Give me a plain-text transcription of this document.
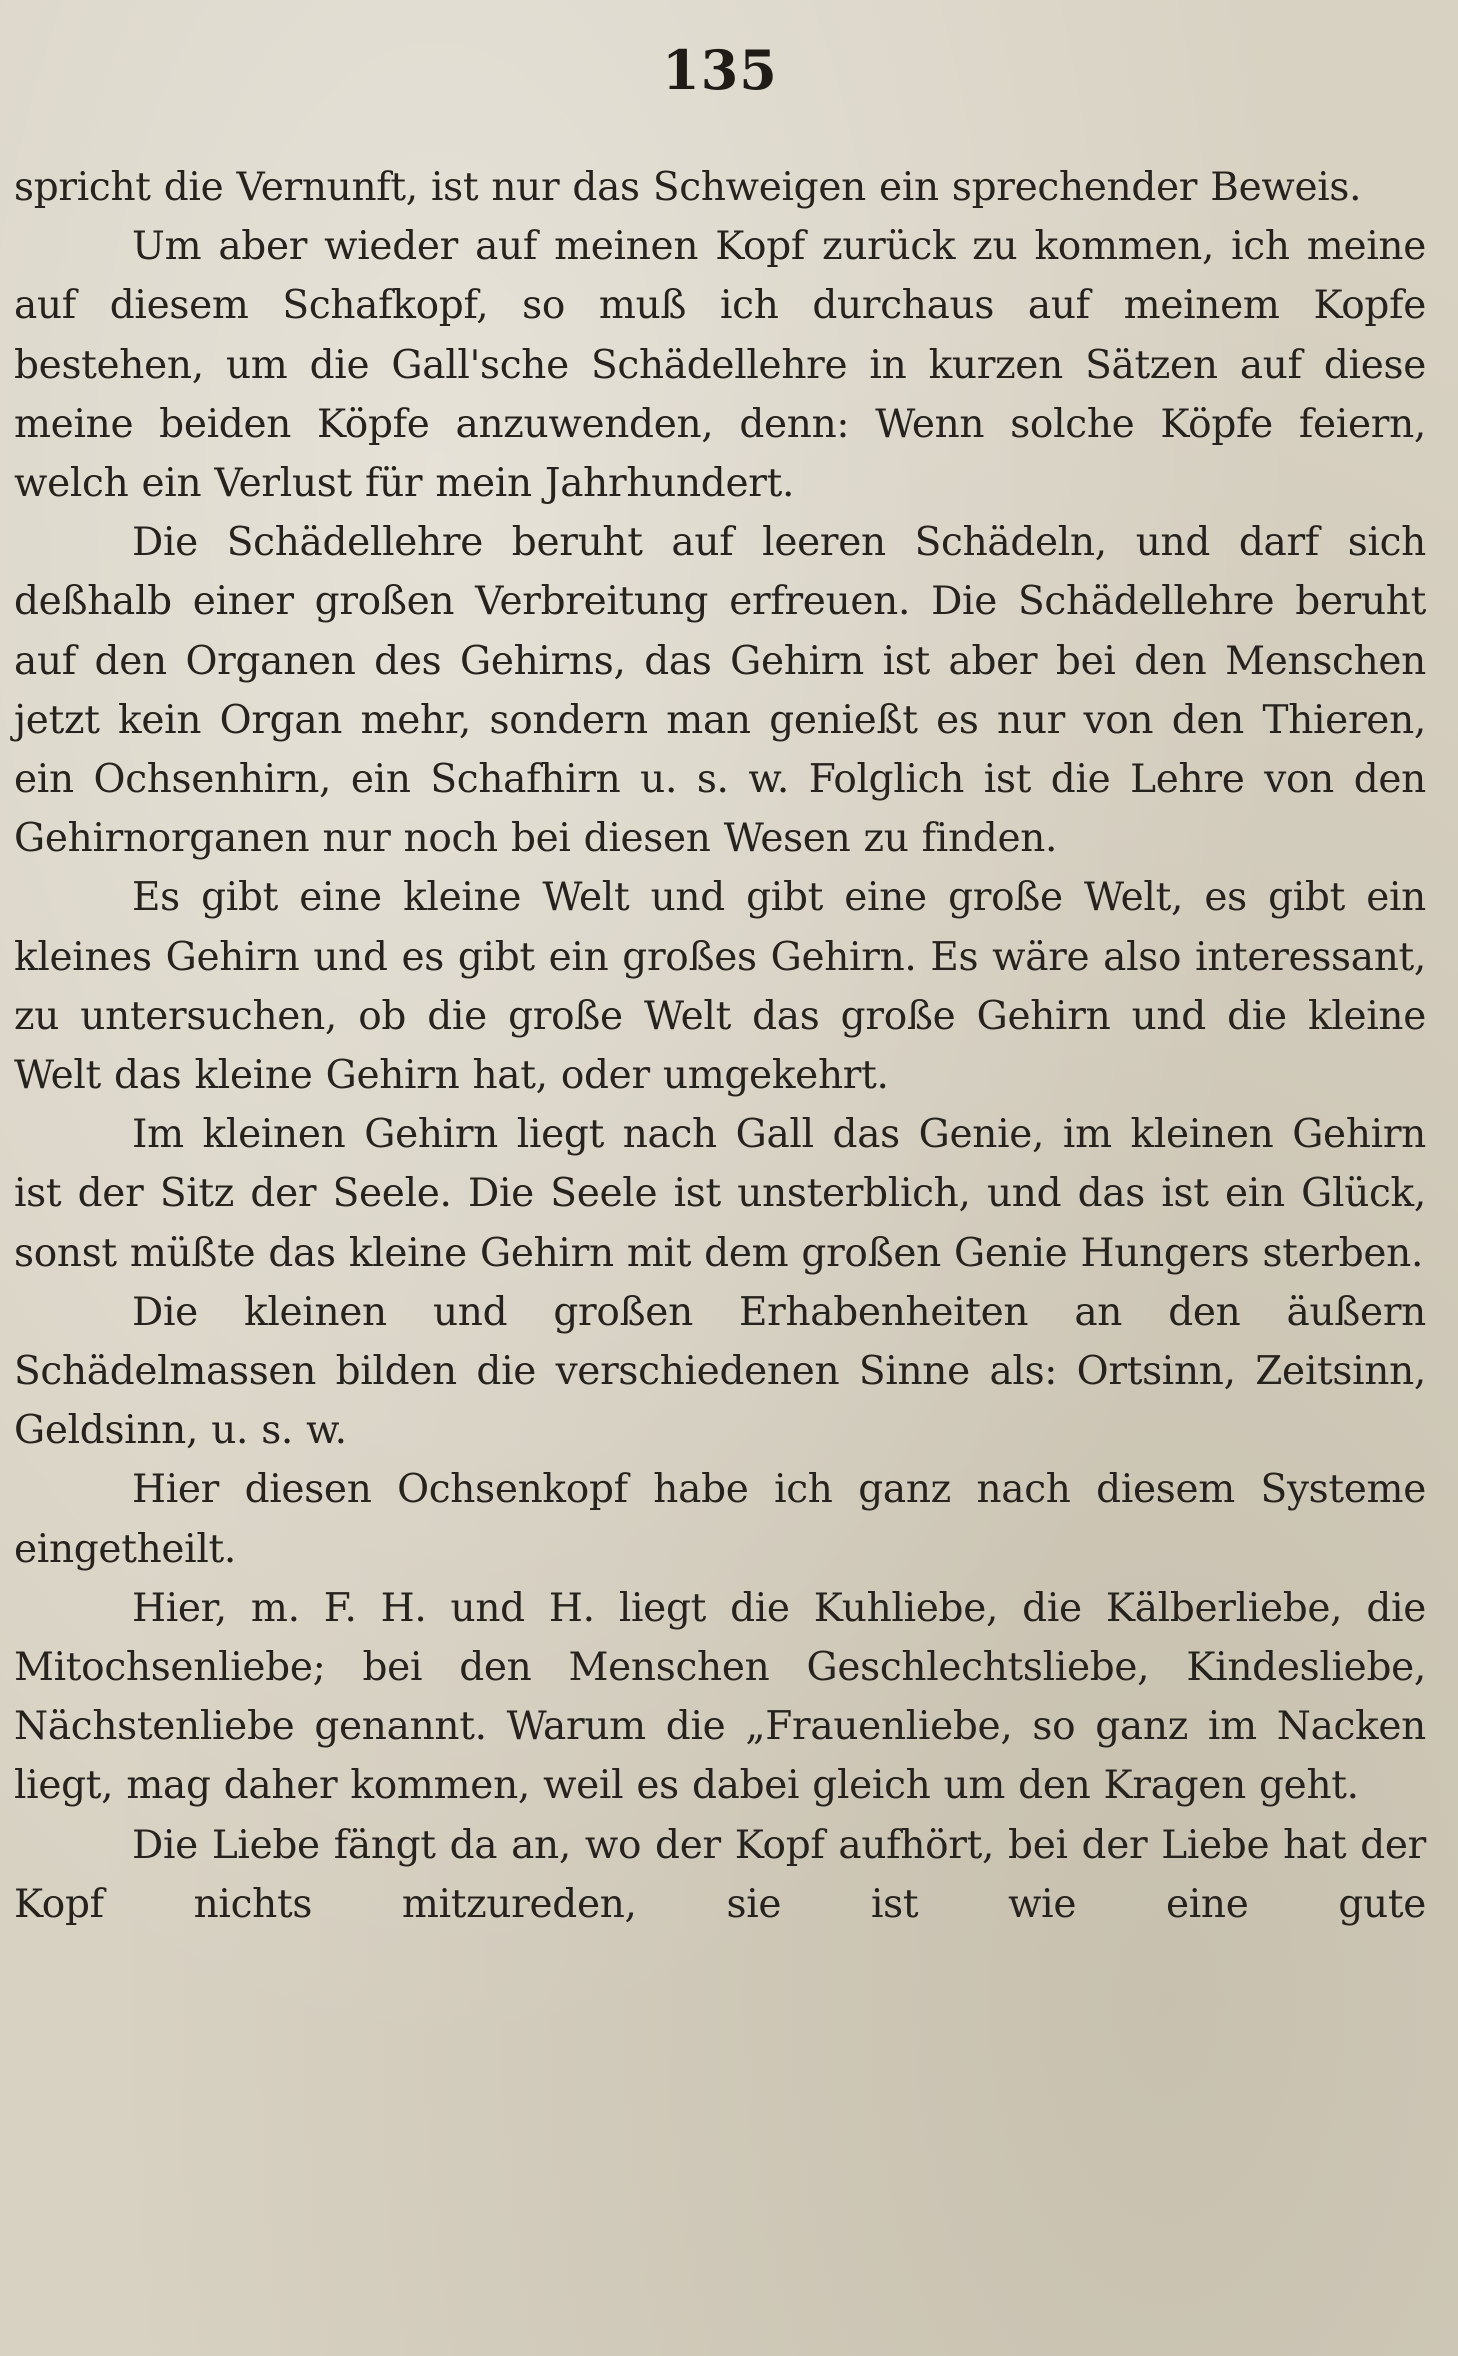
135

spricht die Vernunft, ist nur das Schweigen ein sprechender Beweis.

Um aber wieder auf meinen Kopf zurück zu kommen, ich meine auf diesem Schafkopf, so muß ich durchaus auf meinem Kopfe bestehen, um die Gall'sche Schädellehre in kurzen Sätzen auf diese meine beiden Köpfe anzuwenden, denn: Wenn solche Köpfe feiern, welch ein Verlust für mein Jahrhundert.

Die Schädellehre beruht auf leeren Schädeln, und darf sich deßhalb einer großen Verbreitung erfreuen. Die Schädellehre beruht auf den Organen des Gehirns, das Gehirn ist aber bei den Menschen jetzt kein Organ mehr, sondern man genießt es nur von den Thieren, ein Ochsenhirn, ein Schafhirn u. s. w. Folglich ist die Lehre von den Gehirnorganen nur noch bei diesen Wesen zu finden.

Es gibt eine kleine Welt und gibt eine große Welt, es gibt ein kleines Gehirn und es gibt ein großes Gehirn. Es wäre also interessant, zu untersuchen, ob die große Welt das große Gehirn und die kleine Welt das kleine Gehirn hat, oder umgekehrt.

Im kleinen Gehirn liegt nach Gall das Genie, im kleinen Gehirn ist der Sitz der Seele. Die Seele ist unsterblich, und das ist ein Glück, sonst müßte das kleine Gehirn mit dem großen Genie Hungers sterben.

Die kleinen und großen Erhabenheiten an den äußern Schädelmassen bilden die verschiedenen Sinne als: Ortsinn, Zeitsinn, Geldsinn, u. s. w.

Hier diesen Ochsenkopf habe ich ganz nach diesem Systeme eingetheilt.

Hier, m. F. H. und H. liegt die Kuhliebe, die Kälberliebe, die Mitochsenliebe; bei den Menschen Geschlechtsliebe, Kindesliebe, Nächstenliebe genannt. Warum die „Frauenliebe, so ganz im Nacken liegt, mag daher kommen, weil es dabei gleich um den Kragen geht.

Die Liebe fängt da an, wo der Kopf aufhört, bei der Liebe hat der Kopf nichts mitzureden, sie ist wie eine gute
